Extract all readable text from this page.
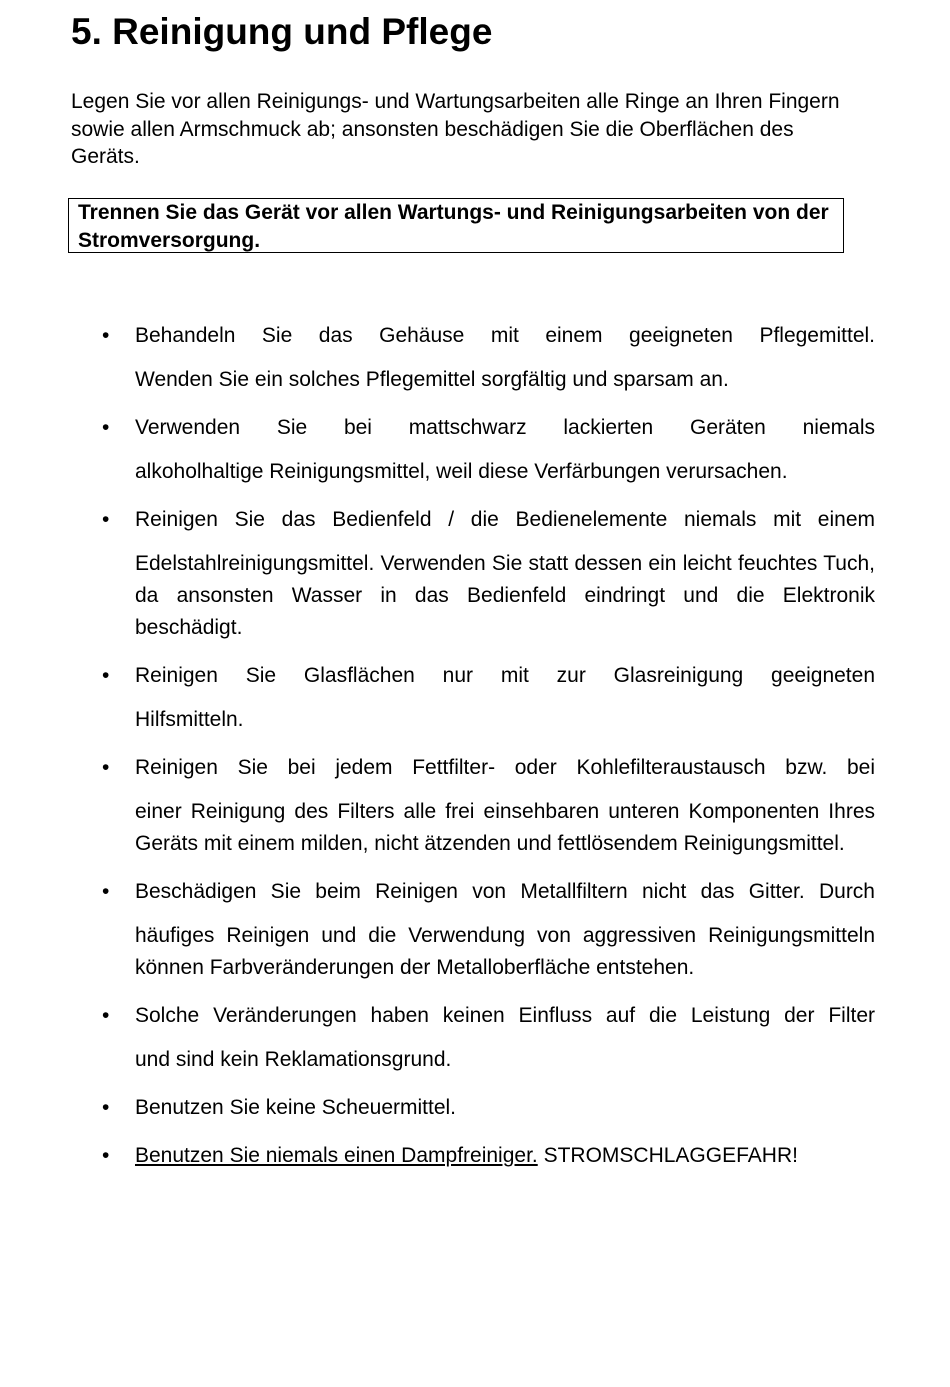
5. Reinigung und Pflege

Legen Sie vor allen Reinigungs- und Wartungsarbeiten alle Ringe an Ihren Fingern sowie allen Armschmuck ab; ansonsten beschädigen Sie die Oberflächen des Geräts.

Trennen Sie das Gerät vor allen Wartungs- und Reinigungsarbeiten von der Stromversorgung.
• Behandeln Sie das Gehäuse mit einem geeigneten Pflegemittel.
Wenden Sie ein solches Pflegemittel sorgfältig und sparsam an.
• Verwenden Sie bei mattschwarz lackierten Geräten niemals
alkoholhaltige Reinigungsmittel, weil diese Verfärbungen verursachen.
• Reinigen Sie das Bedienfeld / die Bedienelemente niemals mit einem
Edelstahlreinigungsmittel. Verwenden Sie statt dessen ein leicht feuchtes Tuch, da ansonsten Wasser in das Bedienfeld eindringt und die Elektronik beschädigt.
• Reinigen Sie Glasflächen nur mit zur Glasreinigung geeigneten
Hilfsmitteln.
• Reinigen Sie bei jedem Fettfilter- oder Kohlefilteraustausch bzw. bei
einer Reinigung des Filters alle frei einsehbaren unteren Komponenten Ihres Geräts mit einem milden, nicht ätzenden und fettlösendem Reinigungsmittel.
• Beschädigen Sie beim Reinigen von Metallfiltern nicht das Gitter. Durch
häufiges Reinigen und die Verwendung von aggressiven Reinigungsmitteln können Farbveränderungen der Metalloberfläche entstehen.
• Solche Veränderungen haben keinen Einfluss auf die Leistung der Filter
und sind kein Reklamationsgrund.
• Benutzen Sie keine Scheuermittel.
• Benutzen Sie niemals einen Dampfreiniger. STROMSCHLAGGEFAHR!
